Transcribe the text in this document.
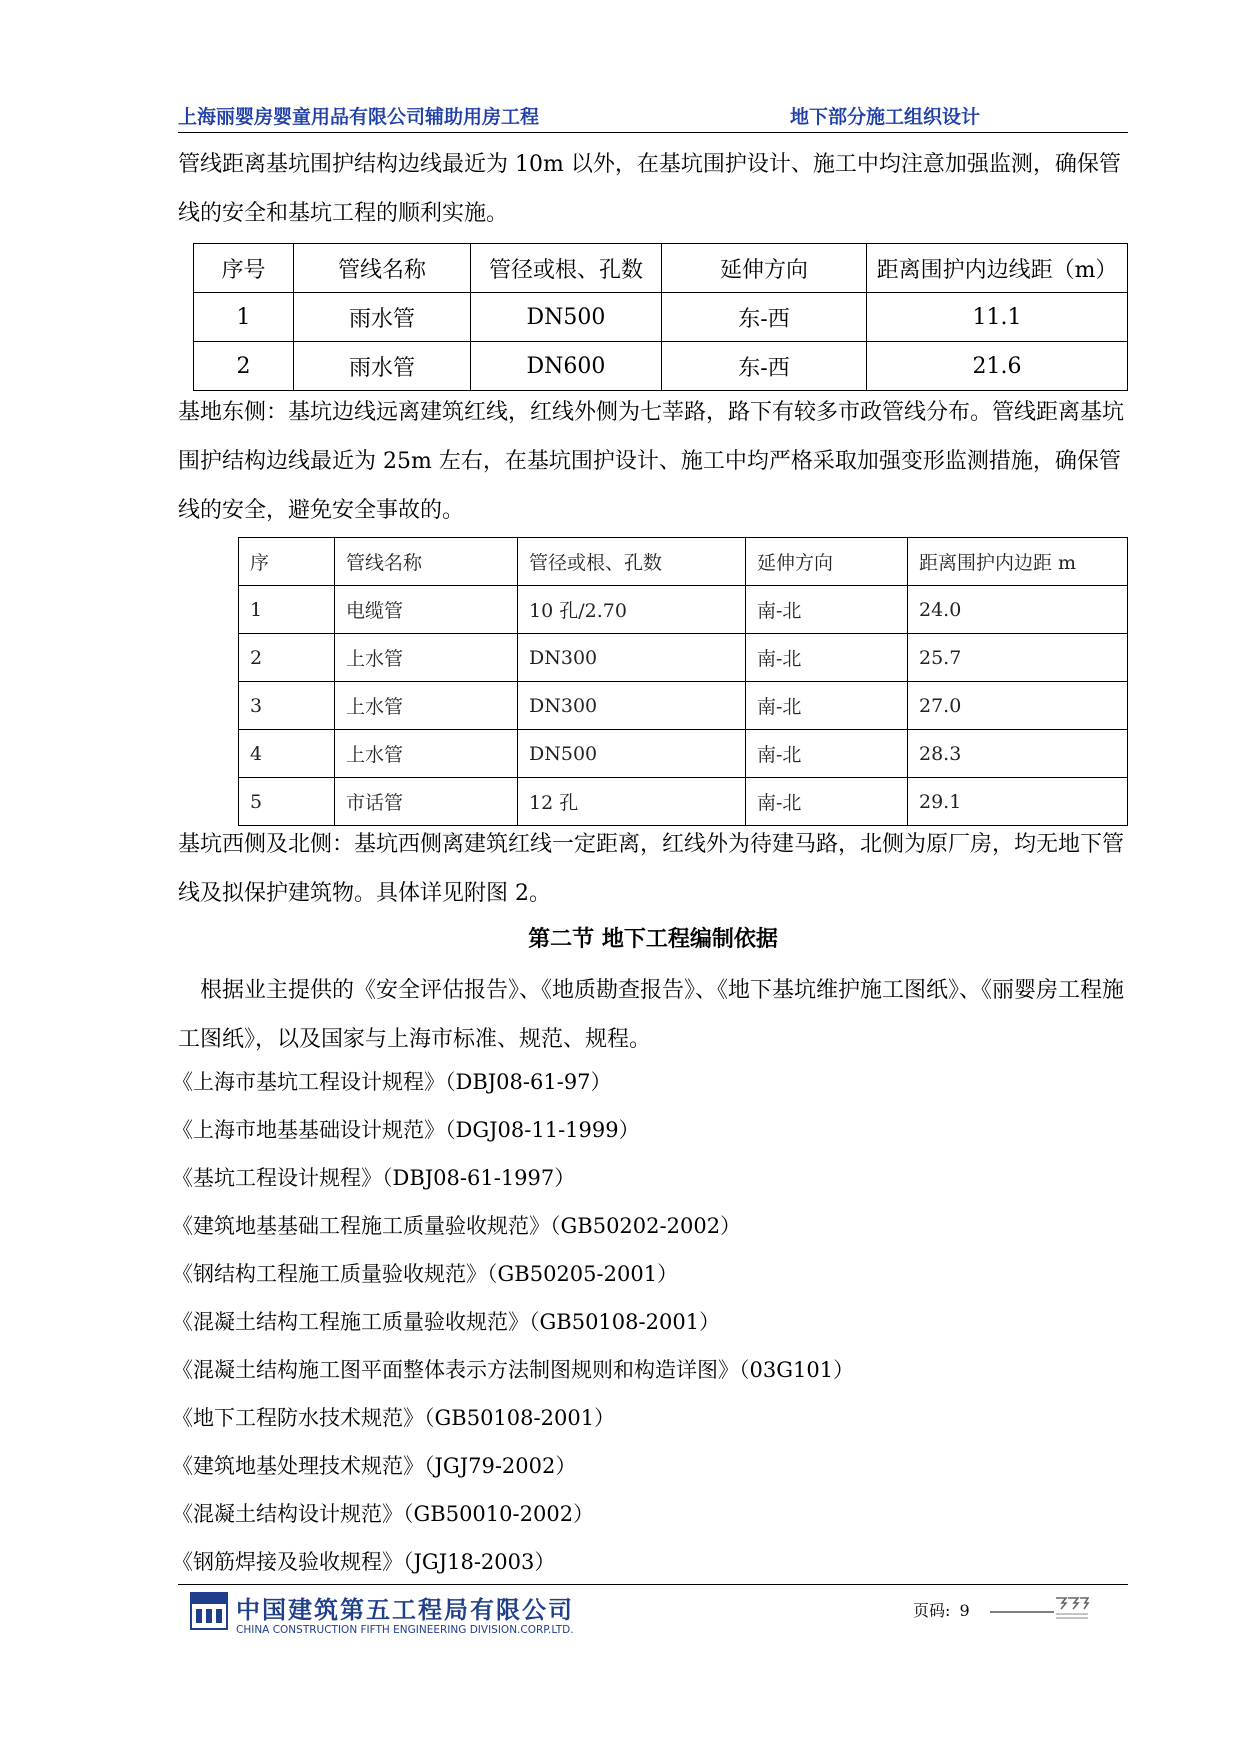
上海丽婴房婴童用品有限公司辅助用房工程	地下部分施工组织设计
管线距离基坑围护结构边线最近为 10m 以外，在基坑围护设计、施工中均注意加强监测，确保管线的安全和基坑工程的顺利实施。
序号	管线名称	管径或根、孔数	延伸方向	距离围护内边线距（m）
1	雨水管	DN500	东-西	11.1
2	雨水管	DN600	东-西	21.6
基地东侧：基坑边线远离建筑红线，红线外侧为七莘路，路下有较多市政管线分布。管线距离基坑围护结构边线最近为 25m 左右，在基坑围护设计、施工中均严格采取加强变形监测措施，确保管线的安全，避免安全事故的。
序	管线名称	管径或根、孔数	延伸方向	距离围护内边距 m
1	电缆管	10 孔/2.70	南-北	24.0
2	上水管	DN300	南-北	25.7
3	上水管	DN300	南-北	27.0
4	上水管	DN500	南-北	28.3
5	市话管	12 孔	南-北	29.1
基坑西侧及北侧：基坑西侧离建筑红线一定距离，红线外为待建马路，北侧为原厂房，均无地下管线及拟保护建筑物。具体详见附图 2。
第二节 地下工程编制依据
根据业主提供的《安全评估报告》、《地质勘查报告》、《地下基坑维护施工图纸》、《丽婴房工程施工图纸》，以及国家与上海市标准、规范、规程。
《上海市基坑工程设计规程》（DBJ08-61-97）
《上海市地基基础设计规范》（DGJ08-11-1999）
《基坑工程设计规程》（DBJ08-61-1997）
《建筑地基基础工程施工质量验收规范》（GB50202-2002）
《钢结构工程施工质量验收规范》（GB50205-2001）
《混凝土结构工程施工质量验收规范》（GB50108-2001）
《混凝土结构施工图平面整体表示方法制图规则和构造详图》（03G101）
《地下工程防水技术规范》（GB50108-2001）
《建筑地基处理技术规范》（JGJ79-2002）
《混凝土结构设计规范》（GB50010-2002）
《钢筋焊接及验收规程》（JGJ18-2003）
中国建筑第五工程局有限公司
CHINA CONSTRUCTION FIFTH ENGINEERING DIVISION.CORP.LTD.
页码: 9
